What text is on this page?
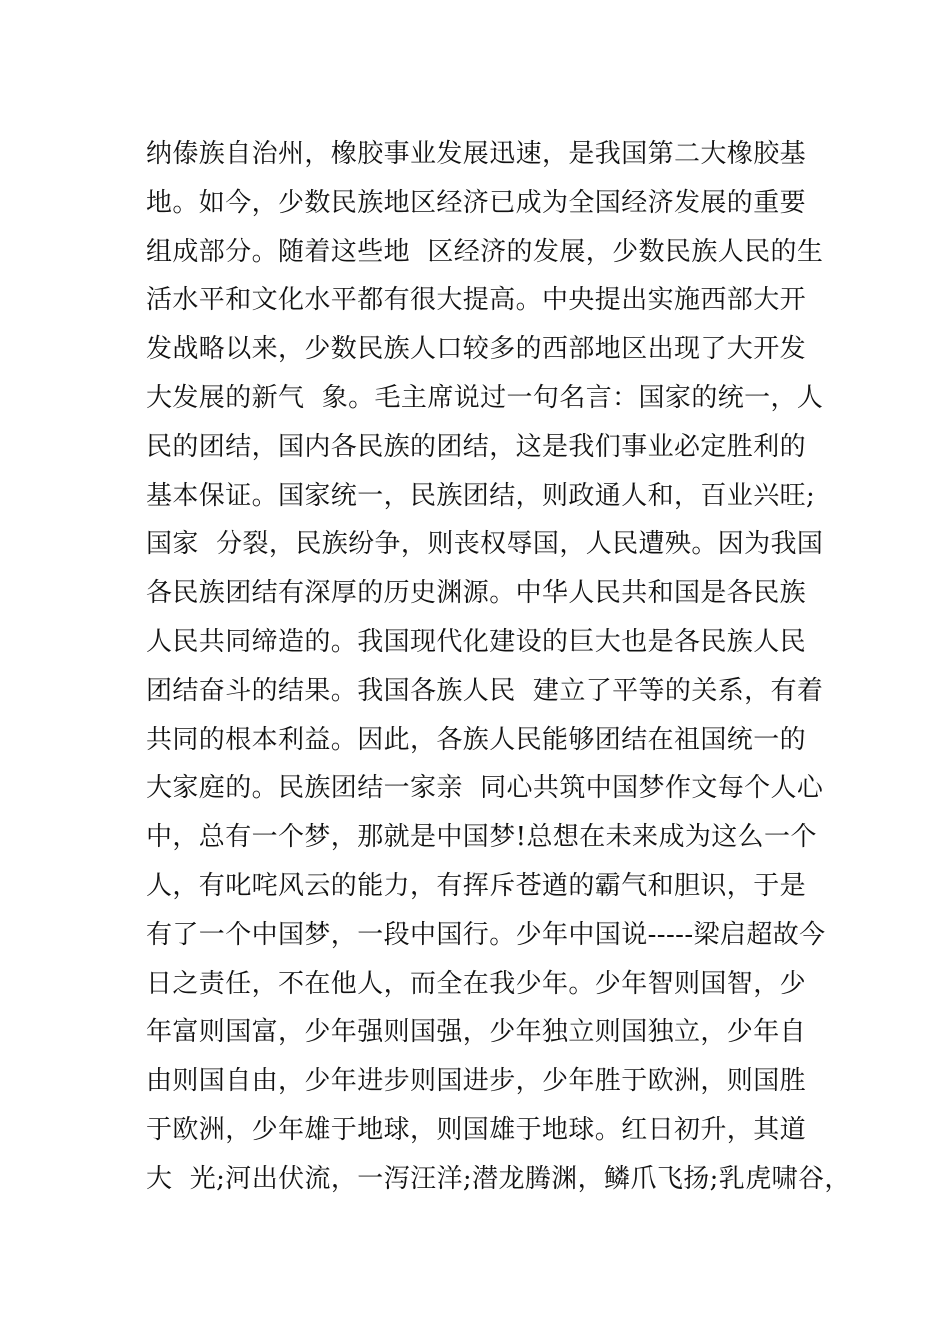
纳傣族自治州，橡胶事业发展迅速，是我国第二大橡胶基
地。如今，少数民族地区经济已成为全国经济发展的重要
组成部分。随着这些地  区经济的发展，少数民族人民的生
活水平和文化水平都有很大提高。中央提出实施西部大开
发战略以来，少数民族人口较多的西部地区出现了大开发
大发展的新气  象。毛主席说过一句名言：国家的统一，人
民的团结，国内各民族的团结，这是我们事业必定胜利的
基本保证。国家统一，民族团结，则政通人和，百业兴旺;
国家  分裂，民族纷争，则丧权辱国，人民遭殃。因为我国
各民族团结有深厚的历史渊源。中华人民共和国是各民族
人民共同缔造的。我国现代化建设的巨大也是各民族人民
团结奋斗的结果。我国各族人民  建立了平等的关系，有着
共同的根本利益。因此，各族人民能够团结在祖国统一的
大家庭的。民族团结一家亲  同心共筑中国梦作文每个人心
中，总有一个梦，那就是中国梦!总想在未来成为这么一个
人，有叱咤风云的能力，有挥斥苍遒的霸气和胆识，于是
有了一个中国梦，一段中国行。少年中国说-----梁启超故今
日之责任，不在他人，而全在我少年。少年智则国智，少
年富则国富，少年强则国强，少年独立则国独立，少年自
由则国自由，少年进步则国进步，少年胜于欧洲，则国胜
于欧洲，少年雄于地球，则国雄于地球。红日初升，其道
大  光;河出伏流，一泻汪洋;潜龙腾渊，鳞爪飞扬;乳虎啸谷，
